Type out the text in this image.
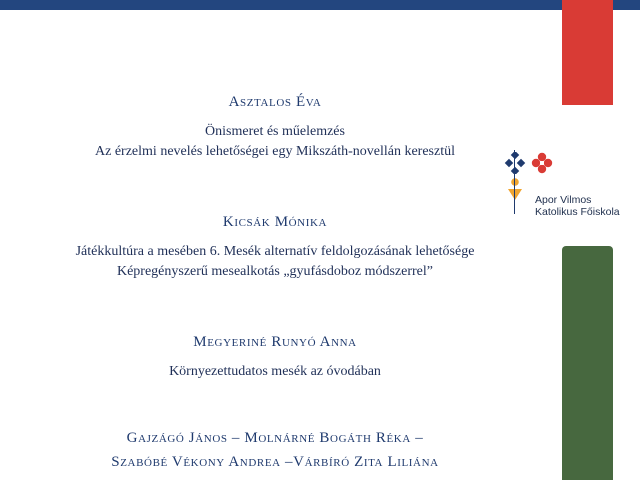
Apor Vilmos
Katolikus Főiskola
Asztalos Éva
Önismeret és műelemzés
Az érzelmi nevelés lehetőségei egy Mikszáth-novellán keresztül
Kicsák Mónika
Játékkultúra a mesében 6. Mesék alternatív feldolgozásának lehetősége
Képregényszerű mesealkotás „gyufásdoboz módszerrel”
Megyeriné Runyó Anna
Környezettudatos mesék az óvodában
Gajzágó János – Molnárné Bogáth Réka –
Szabóbé Vékony Andrea –Várbíró Zita Liliána
